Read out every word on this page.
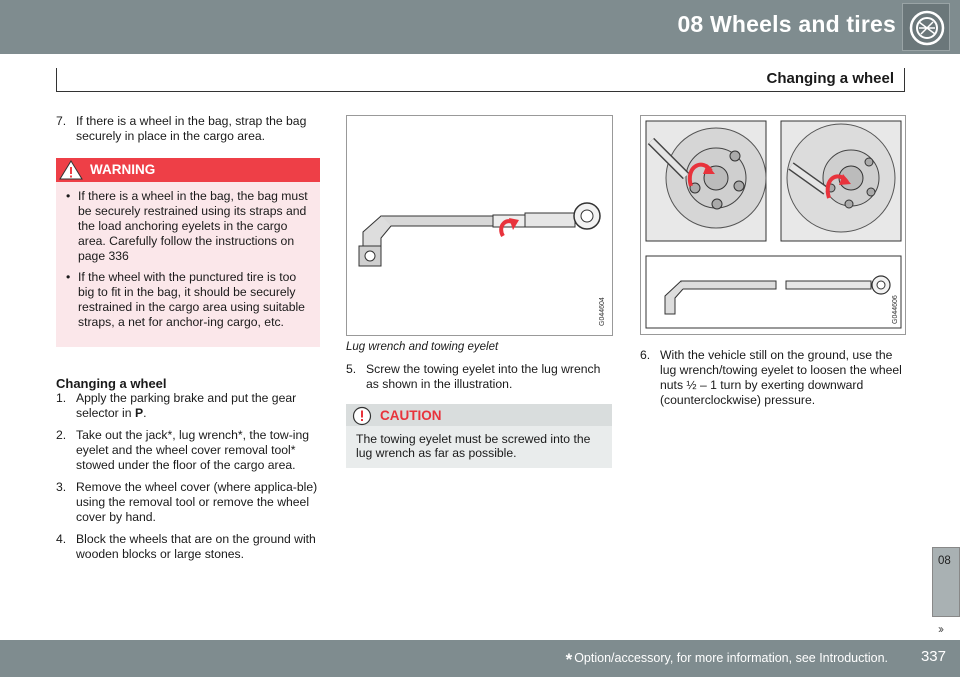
08 Wheels and tires
Changing a wheel
7. If there is a wheel in the bag, strap the bag securely in place in the cargo area.
WARNING
• If there is a wheel in the bag, the bag must be securely restrained using its straps and the load anchoring eyelets in the cargo area. Carefully follow the instructions on page 336
• If the wheel with the punctured tire is too big to fit in the bag, it should be securely restrained in the cargo area using suitable straps, a net for anchor-ing cargo, etc.
Changing a wheel
1. Apply the parking brake and put the gear selector in P.
2. Take out the jack*, lug wrench*, the tow-ing eyelet and the wheel cover removal tool* stowed under the floor of the cargo area.
3. Remove the wheel cover (where applica-ble) using the removal tool or remove the wheel cover by hand.
4. Block the wheels that are on the ground with wooden blocks or large stones.
G044604
Lug wrench and towing eyelet
5. Screw the towing eyelet into the lug wrench as shown in the illustration.
CAUTION
The towing eyelet must be screwed into the lug wrench as far as possible.
G044606
6. With the vehicle still on the ground, use the lug wrench/towing eyelet to loosen the wheel nuts ½ – 1 turn by exerting downward (counterclockwise) pressure.
08
››
* Option/accessory, for more information, see Introduction. 337
